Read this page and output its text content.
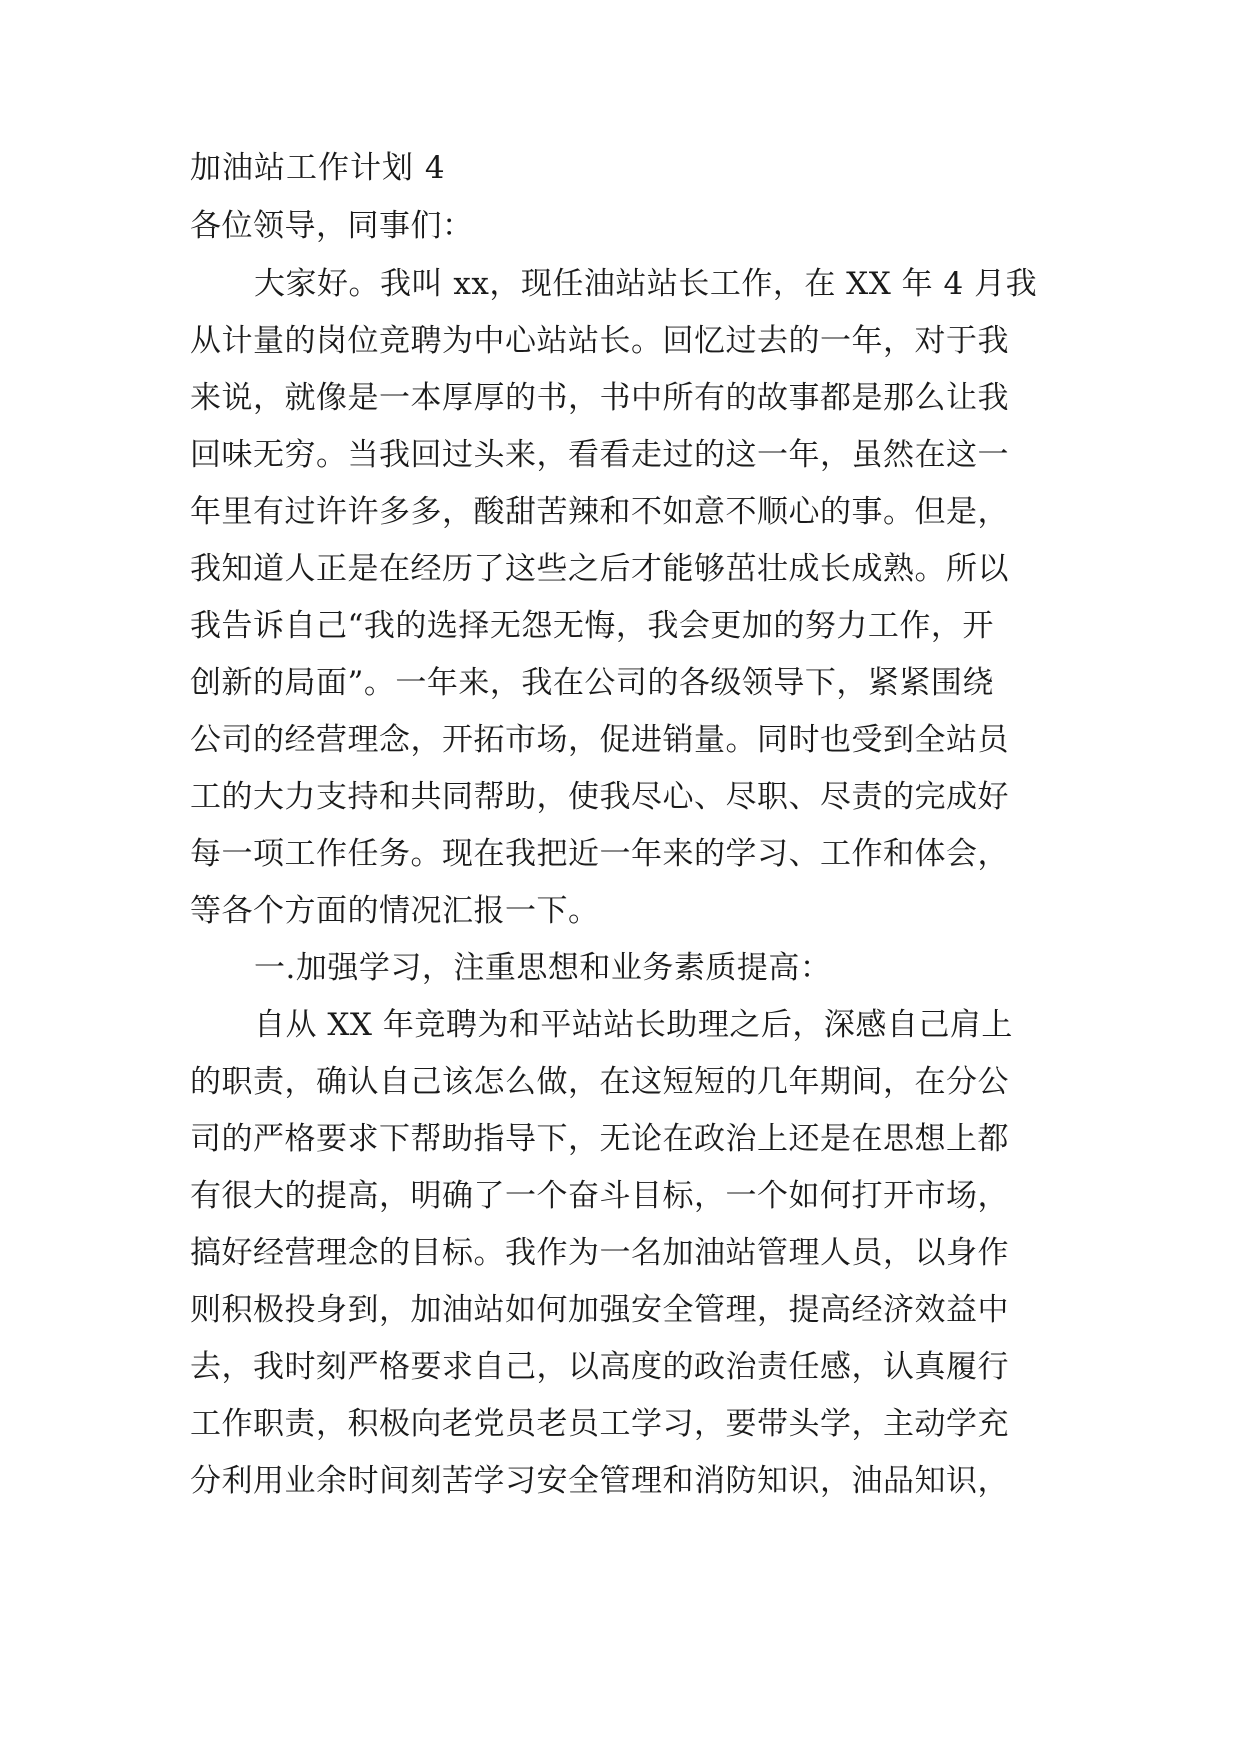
加油站工作计划 4
各位领导，同事们：
大家好。我叫 xx，现任油站站长工作，在 XX 年 4 月我
从计量的岗位竞聘为中心站站长。回忆过去的一年，对于我
来说，就像是一本厚厚的书，书中所有的故事都是那么让我
回味无穷。当我回过头来，看看走过的这一年，虽然在这一
年里有过许许多多，酸甜苦辣和不如意不顺心的事。但是，
我知道人正是在经历了这些之后才能够茁壮成长成熟。所以
我告诉自己“我的选择无怨无悔，我会更加的努力工作，开
创新的局面”。一年来，我在公司的各级领导下，紧紧围绕
公司的经营理念，开拓市场，促进销量。同时也受到全站员
工的大力支持和共同帮助，使我尽心、尽职、尽责的完成好
每一项工作任务。现在我把近一年来的学习、工作和体会，
等各个方面的情况汇报一下。
一.加强学习，注重思想和业务素质提高：
自从 XX 年竞聘为和平站站长助理之后，深感自己肩上
的职责，确认自己该怎么做，在这短短的几年期间，在分公
司的严格要求下帮助指导下，无论在政治上还是在思想上都
有很大的提高，明确了一个奋斗目标，一个如何打开市场，
搞好经营理念的目标。我作为一名加油站管理人员，以身作
则积极投身到，加油站如何加强安全管理，提高经济效益中
去，我时刻严格要求自己，以高度的政治责任感，认真履行
工作职责，积极向老党员老员工学习，要带头学，主动学充
分利用业余时间刻苦学习安全管理和消防知识，油品知识，
